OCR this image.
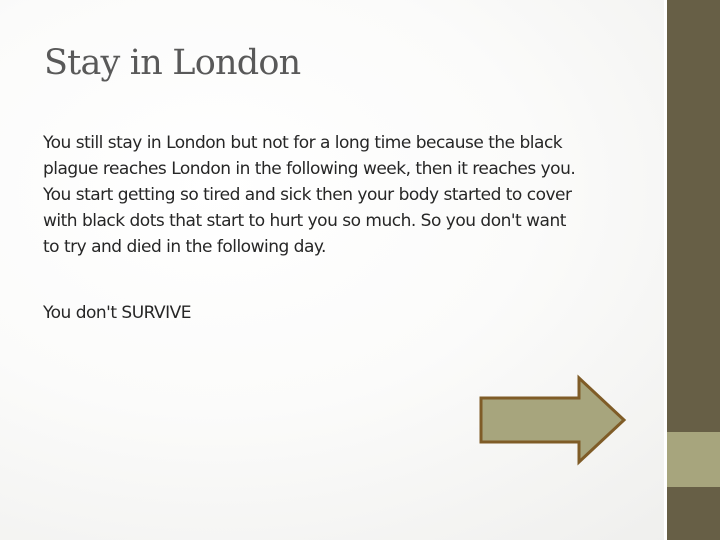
Stay in London

You still stay in London but not for a long time because the black

plague reaches London in the following week, then it reaches you.

You start getting so tired and sick then your body started to cover

with black dots that start to hurt you so much. So you don't want

to try and died in the following day.

You don't SURVIVE
